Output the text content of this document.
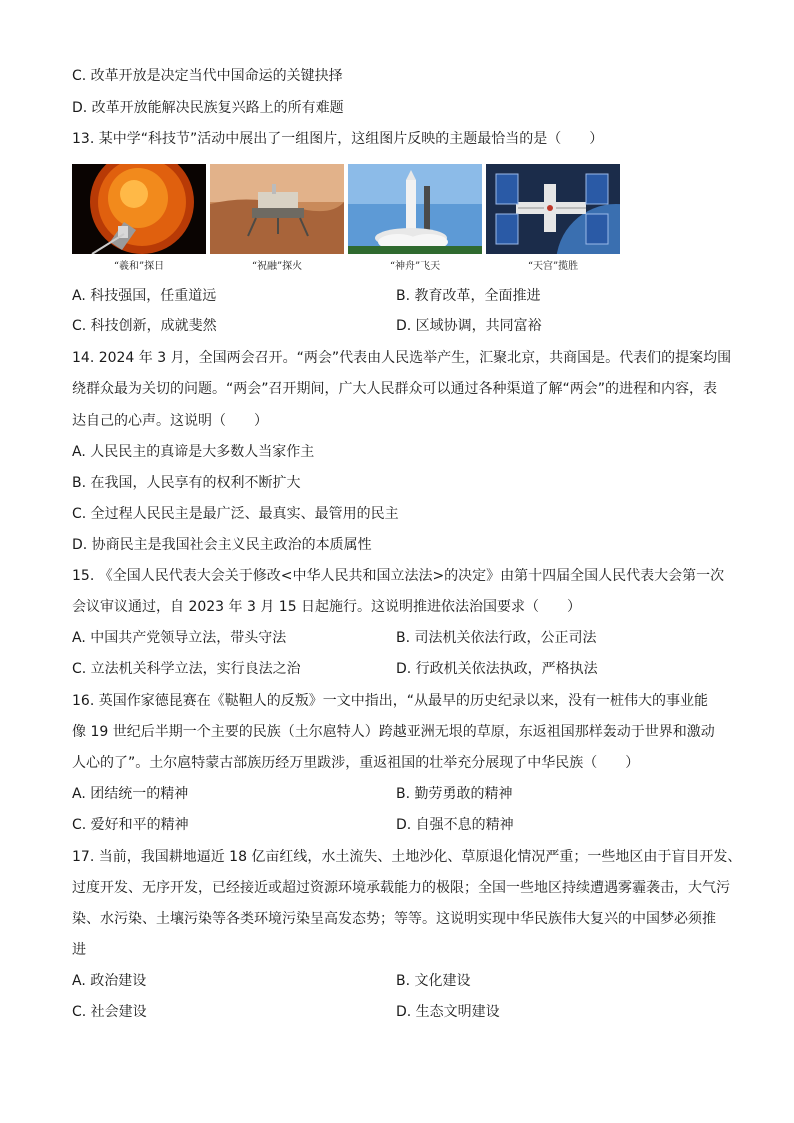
C. 改革开放是决定当代中国命运的关键抉择
D. 改革开放能解决民族复兴路上的所有难题
13. 某中学“科技节”活动中展出了一组图片，这组图片反映的主题最恰当的是（　　）
“羲和”探日	“祝融”探火	“神舟”飞天	“天宫”揽胜
A. 科技强国，任重道远	B. 教育改革，全面推进
C. 科技创新，成就斐然	D. 区域协调，共同富裕
14. 2024 年 3 月，全国两会召开。“两会”代表由人民选举产生，汇聚北京，共商国是。代表们的提案均围
绕群众最为关切的问题。“两会”召开期间，广大人民群众可以通过各种渠道了解“两会”的进程和内容，表
达自己的心声。这说明（　　）
A. 人民民主的真谛是大多数人当家作主
B. 在我国，人民享有的权利不断扩大
C. 全过程人民民主是最广泛、最真实、最管用的民主
D. 协商民主是我国社会主义民主政治的本质属性
15. 《全国人民代表大会关于修改<中华人民共和国立法法>的决定》由第十四届全国人民代表大会第一次
会议审议通过，自 2023 年 3 月 15 日起施行。这说明推进依法治国要求（　　）
A. 中国共产党领导立法，带头守法	B. 司法机关依法行政，公正司法
C. 立法机关科学立法，实行良法之治	D. 行政机关依法执政，严格执法
16. 英国作家德昆赛在《鞑靼人的反叛》一文中指出，“从最早的历史纪录以来，没有一桩伟大的事业能
像 19 世纪后半期一个主要的民族（土尔扈特人）跨越亚洲无垠的草原，东返祖国那样轰动于世界和激动
人心的了”。土尔扈特蒙古部族历经万里跋涉，重返祖国的壮举充分展现了中华民族（　　）
A. 团结统一的精神	B. 勤劳勇敢的精神
C. 爱好和平的精神	D. 自强不息的精神
17. 当前，我国耕地逼近 18 亿亩红线，水土流失、土地沙化、草原退化情况严重；一些地区由于盲目开发、
过度开发、无序开发，已经接近或超过资源环境承载能力的极限；全国一些地区持续遭遇雾霾袭击，大气污
染、水污染、土壤污染等各类环境污染呈高发态势；等等。这说明实现中华民族伟大复兴的中国梦必须推
进
A. 政治建设	B. 文化建设
C. 社会建设	D. 生态文明建设
